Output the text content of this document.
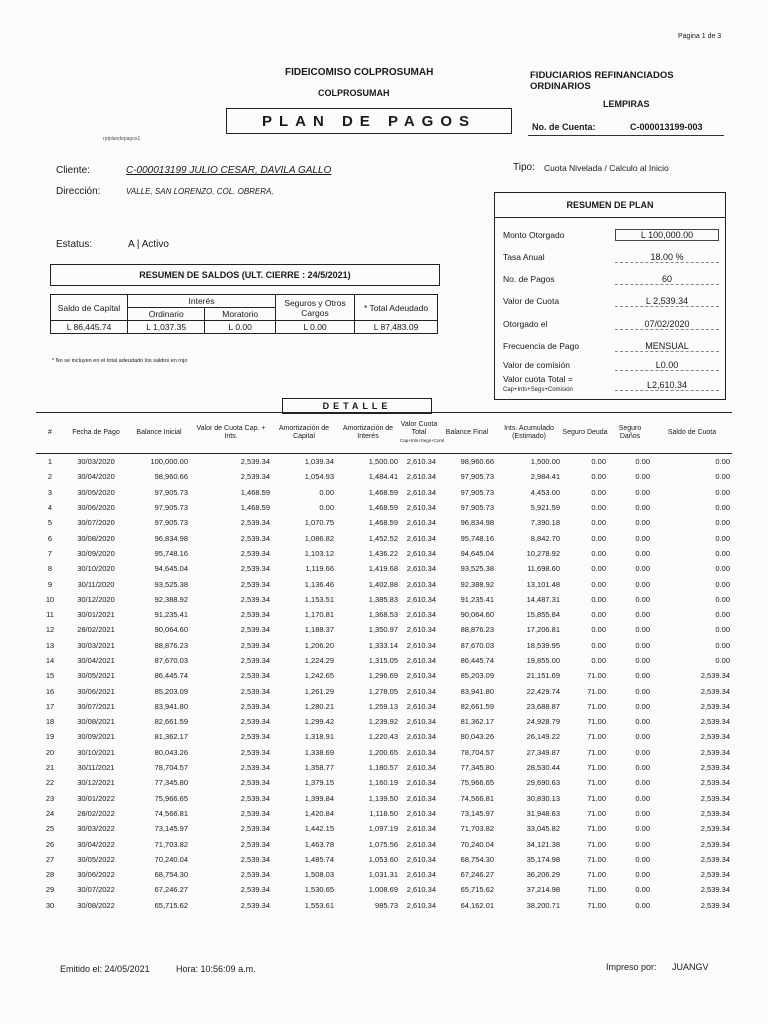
Pagina 1 de 3
FIDEICOMISO COLPROSUMAH
COLPROSUMAH
FIDUCIARIOS REFINANCIADOS
ORDINARIOS
LEMPIRAS
PLAN DE PAGOS
rptplandepagos1
No. de Cuenta:	C-000013199-003
Cliente:	C-000013199 JULIO CESAR, DAVILA GALLO
Dirección:	VALLE, SAN LORENZO, COL. OBRERA,
Tipo: Cuota Nivelada / Calculo al Inicio
Estatus:	A | Activo
RESUMEN DE PLAN
Monto Otorgado	L 100,000.00
Tasa Anual	18.00 %
No. de Pagos	60
Valor de Cuota	L 2,539.34
Otorgado el	07/02/2020
Frecuencia de Pago	MENSUAL
Valor de comisión	L0.00
Valor cuota Total =
Cap+Ints+Segs+Comisión
L2,610.34
RESUMEN DE SALDOS (ULT. CIERRE : 24/5/2021)
Saldo de Capital	Interés		Seguros y Otros Cargos	* Total Adeudado
	Ordinario	Moratorio		
L 86,445.74	L 1,037.35	L 0.00	L 0.00	L 87,483.09
* No se incluyen en el total adeudado los saldos en rojo
DETALLE
#	Fecha de Pago	Balance Inicial	Valor de Cuota Cap. + Ints.	Amortización de Capital	Amortización de Interés	Valor Cuota Total
Cap+Ints+Segs+Coml	Balance Final	Ints. Acumulado (Estimado)	Seguro Deuda	Seguro Daños	Saldo de Cuota
1	30/03/2020	100,000.00	2,539.34	1,039.34	1,500.00	2,610.34	98,960.66	1,500.00	0.00	0.00	0.00
2	30/04/2020	98,960.66	2,539.34	1,054.93	1,484.41	2,610.34	97,905.73	2,984.41	0.00	0.00	0.00
3	30/05/2020	97,905.73	1,468.59	0.00	1,468.59	2,610.34	97,905.73	4,453.00	0.00	0.00	0.00
4	30/06/2020	97,905.73	1,468.59	0.00	1,468.59	2,610.34	97,905.73	5,921.59	0.00	0.00	0.00
5	30/07/2020	97,905.73	2,539.34	1,070.75	1,468.59	2,610.34	96,834.98	7,390.18	0.00	0.00	0.00
6	30/08/2020	96,834.98	2,539.34	1,086.82	1,452.52	2,610.34	95,748.16	8,842.70	0.00	0.00	0.00
7	30/09/2020	95,748.16	2,539.34	1,103.12	1,436.22	2,610.34	94,645.04	10,278.92	0.00	0.00	0.00
8	30/10/2020	94,645.04	2,539.34	1,119.66	1,419.68	2,610.34	93,525.38	11,698.60	0.00	0.00	0.00
9	30/11/2020	93,525.38	2,539.34	1,136.46	1,402.88	2,610.34	92,388.92	13,101.48	0.00	0.00	0.00
10	30/12/2020	92,388.92	2,539.34	1,153.51	1,385.83	2,610.34	91,235.41	14,487.31	0.00	0.00	0.00
11	30/01/2021	91,235.41	2,539.34	1,170.81	1,368.53	2,610.34	90,064.60	15,855.84	0.00	0.00	0.00
12	28/02/2021	90,064.60	2,539.34	1,188.37	1,350.97	2,610.34	88,876.23	17,206.81	0.00	0.00	0.00
13	30/03/2021	88,876.23	2,539.34	1,206.20	1,333.14	2,610.34	87,670.03	18,539.95	0.00	0.00	0.00
14	30/04/2021	87,670.03	2,539.34	1,224.29	1,315.05	2,610.34	86,445.74	19,855.00	0.00	0.00	0.00
15	30/05/2021	86,445.74	2,539.34	1,242.65	1,296.69	2,610.34	85,203.09	21,151.69	71.00	0.00	2,539.34
16	30/06/2021	85,203.09	2,539.34	1,261.29	1,278.05	2,610.34	83,941.80	22,429.74	71.00	0.00	2,539.34
17	30/07/2021	83,941.80	2,539.34	1,280.21	1,259.13	2,610.34	82,661.59	23,688.87	71.00	0.00	2,539.34
18	30/08/2021	82,661.59	2,539.34	1,299.42	1,239.92	2,610.34	81,362.17	24,928.79	71.00	0.00	2,539.34
19	30/09/2021	81,362.17	2,539.34	1,318.91	1,220.43	2,610.34	80,043.26	26,149.22	71.00	0.00	2,539.34
20	30/10/2021	80,043.26	2,539.34	1,338.69	1,200.65	2,610.34	78,704.57	27,349.87	71.00	0.00	2,539.34
21	30/11/2021	78,704.57	2,539.34	1,358.77	1,180.57	2,610.34	77,345.80	28,530.44	71.00	0.00	2,539.34
22	30/12/2021	77,345.80	2,539.34	1,379.15	1,160.19	2,610.34	75,966.65	29,690.63	71.00	0.00	2,539.34
23	30/01/2022	75,966.65	2,539.34	1,399.84	1,139.50	2,610.34	74,566.81	30,830.13	71.00	0.00	2,539.34
24	28/02/2022	74,566.81	2,539.34	1,420.84	1,118.50	2,610.34	73,145.97	31,948.63	71.00	0.00	2,539.34
25	30/03/2022	73,145.97	2,539.34	1,442.15	1,097.19	2,610.34	71,703.82	33,045.82	71.00	0.00	2,539.34
26	30/04/2022	71,703.82	2,539.34	1,463.78	1,075.56	2,610.34	70,240.04	34,121.38	71.00	0.00	2,539.34
27	30/05/2022	70,240.04	2,539.34	1,485.74	1,053.60	2,610.34	68,754.30	35,174.98	71.00	0.00	2,539.34
28	30/06/2022	68,754.30	2,539.34	1,508.03	1,031.31	2,610.34	67,246.27	36,206.29	71.00	0.00	2,539.34
29	30/07/2022	67,246.27	2,539.34	1,530.65	1,008.69	2,610.34	65,715.62	37,214.98	71.00	0.00	2,539.34
30	30/08/2022	65,715.62	2,539.34	1,553.61	985.73	2,610.34	64,162.01	38,200.71	71.00	0.00	2,539.34
Emitido el: 24/05/2021	Hora: 10:56:09 a.m.	Impreso por: JUANGV
